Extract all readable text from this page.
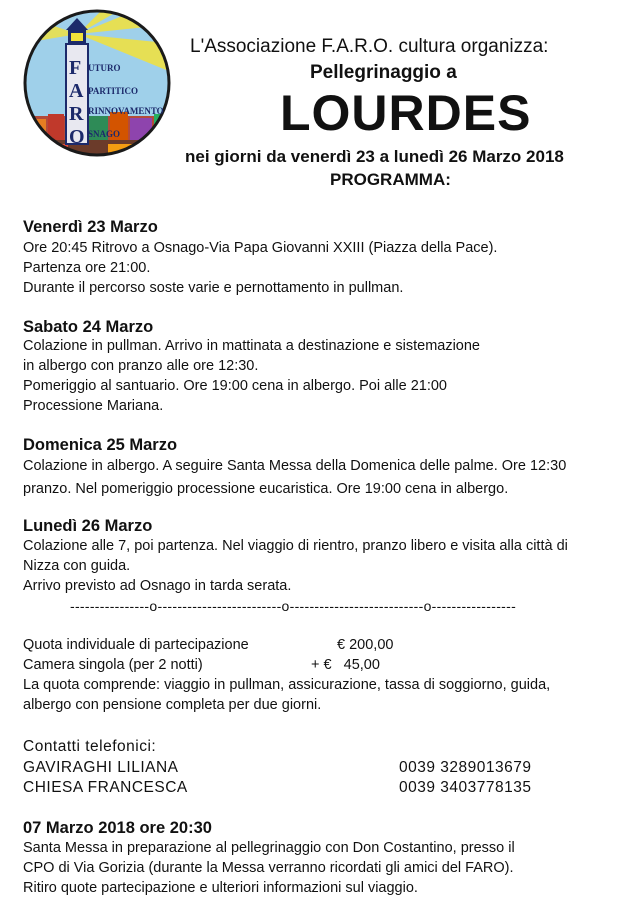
F
A
R
O
UTURO
PARTITICO
RINNOVAMENTO
SNAGO
L'Associazione F.A.R.O. cultura organizza:
Pellegrinaggio a
LOURDES
nei giorni da venerdì 23 a lunedì 26 Marzo 2018
PROGRAMMA:
Venerdì 23 Marzo
Ore 20:45 Ritrovo a Osnago-Via Papa Giovanni XXIII (Piazza della Pace).
Partenza ore 21:00.
Durante il percorso soste varie e pernottamento in pullman.
Sabato 24 Marzo
Colazione in pullman. Arrivo in mattinata a destinazione e sistemazione
in albergo con pranzo alle ore 12:30.
Pomeriggio al santuario. Ore 19:00 cena in albergo. Poi alle 21:00
Processione Mariana.
Domenica 25 Marzo
Colazione in albergo. A seguire Santa Messa della Domenica delle palme. Ore 12:30
pranzo. Nel pomeriggio processione eucaristica. Ore 19:00 cena in albergo.
Lunedì 26 Marzo
Colazione alle 7, poi partenza. Nel viaggio di rientro, pranzo libero e visita alla città di
Nizza con guida.
Arrivo previsto ad Osnago in tarda serata.
----------------o-------------------------o---------------------------o-----------------
Quota individuale di partecipazione	€ 200,00
Camera singola (per 2 notti)	+ €   45,00
La quota comprende: viaggio in pullman, assicurazione, tassa di soggiorno, guida,
albergo con pensione completa per due giorni.
Contatti telefonici:
GAVIRAGHI LILIANA	0039 3289013679
CHIESA FRANCESCA	0039 3403778135
07 Marzo 2018 ore 20:30
Santa Messa in preparazione al pellegrinaggio con Don Costantino, presso il
CPO di Via Gorizia (durante la Messa verranno ricordati gli amici del FARO).
Ritiro quote partecipazione e ulteriori informazioni sul viaggio.
